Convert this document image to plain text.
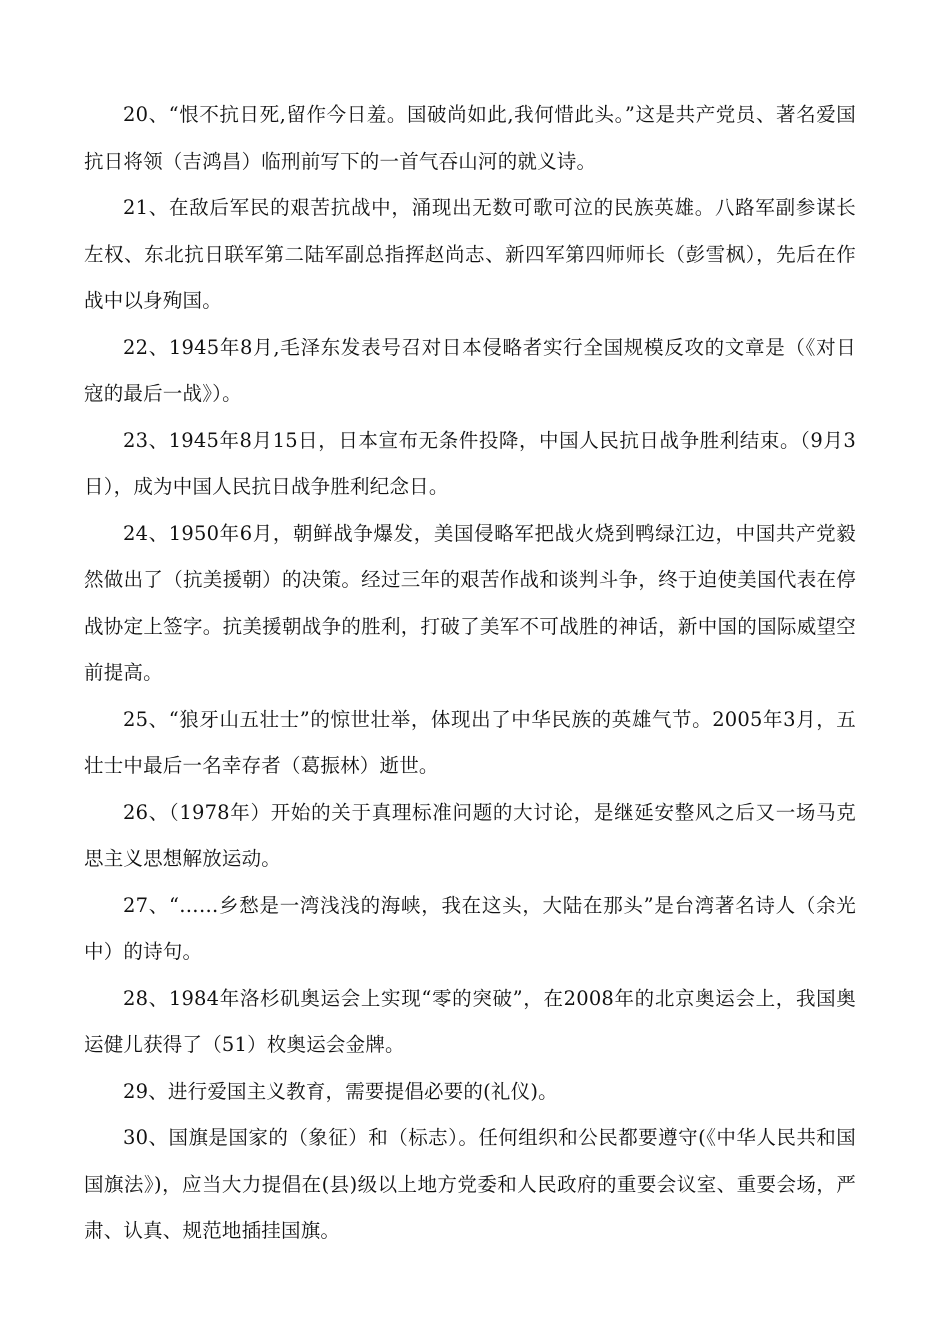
20、“恨不抗日死,留作今日羞。国破尚如此,我何惜此头。”这是共产党员、著名爱国抗日将领（吉鸿昌）临刑前写下的一首气吞山河的就义诗。

21、在敌后军民的艰苦抗战中，涌现出无数可歌可泣的民族英雄。八路军副参谋长左权、东北抗日联军第二陆军副总指挥赵尚志、新四军第四师师长（彭雪枫），先后在作战中以身殉国。

22、1945年8月,毛泽东发表号召对日本侵略者实行全国规模反攻的文章是（《对日寇的最后一战》）。

23、1945年8月15日，日本宣布无条件投降，中国人民抗日战争胜利结束。（9月3日），成为中国人民抗日战争胜利纪念日。

24、1950年6月，朝鲜战争爆发，美国侵略军把战火烧到鸭绿江边，中国共产党毅然做出了（抗美援朝）的决策。经过三年的艰苦作战和谈判斗争，终于迫使美国代表在停战协定上签字。抗美援朝战争的胜利，打破了美军不可战胜的神话，新中国的国际威望空前提高。

25、“狼牙山五壮士”的惊世壮举，体现出了中华民族的英雄气节。2005年3月，五壮士中最后一名幸存者（葛振林）逝世。

26、（1978年）开始的关于真理标准问题的大讨论，是继延安整风之后又一场马克思主义思想解放运动。

27、“……乡愁是一湾浅浅的海峡，我在这头，大陆在那头”是台湾著名诗人（余光中）的诗句。

28、1984年洛杉矶奥运会上实现“零的突破”，在2008年的北京奥运会上，我国奥运健儿获得了（51）枚奥运会金牌。

29、进行爱国主义教育，需要提倡必要的(礼仪)。

30、国旗是国家的（象征）和（标志）。任何组织和公民都要遵守(《中华人民共和国国旗法》)，应当大力提倡在(县)级以上地方党委和人民政府的重要会议室、重要会场，严肃、认真、规范地插挂国旗。
